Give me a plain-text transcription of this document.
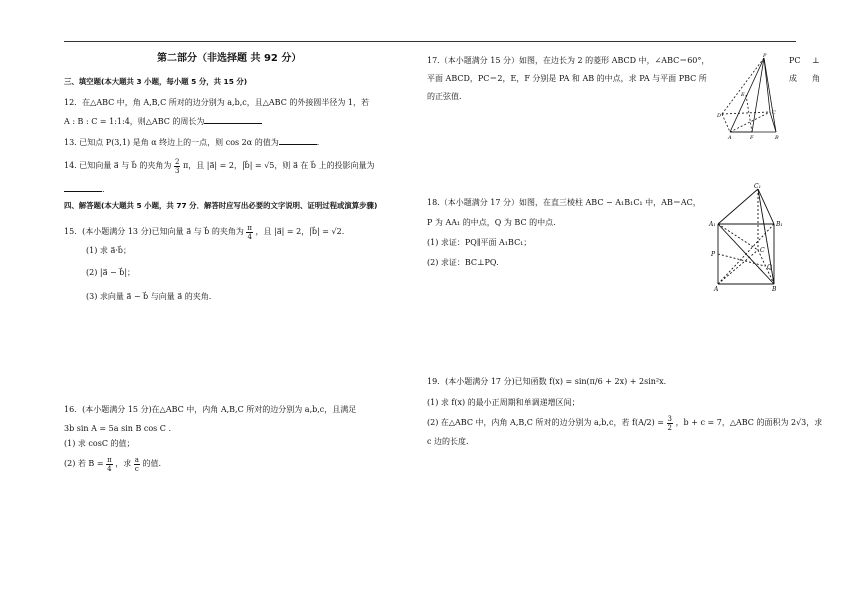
第二部分（非选择题 共 92 分）
三、填空题(本大题共 3 小题，每小题 5 分，共 15 分)
12．在△ABC 中，角 A,B,C 所对的边分别为 a,b,c，且△ABC 的外接圆半径为 1，若
A : B : C = 1:1:4，则△ABC 的周长为
13. 已知点 P(3,1) 是角 α 终边上的一点，则 cos 2α 的值为	.
14. 已知向量 a⃗ 与 b⃗ 的夹角为 $\frac{2}{3}$ π，且 |a⃗| = 2，|b⃗| = √5，则 a⃗ 在 b⃗ 上的投影向量为
.
四、解答题(本大题共 5 小题，共 77 分．解答时应写出必要的文字说明、证明过程或演算步骤)
15．(本小题满分 13 分)已知向量 a⃗ 与 b⃗ 的夹角为 $\frac{\pi}{4}$ ，且 |a⃗| = 2，|b⃗| = √2.
(1) 求 a⃗·b⃗；
(2) |a⃗ − b⃗|；
(3) 求向量 a⃗ − b⃗ 与向量 a⃗ 的夹角.
16．(本小题满分 15 分)在△ABC 中，内角 A,B,C 所对的边分别为 a,b,c，且满足
3b sin A = 5a sin B cos C .
(1) 求 cosC 的值；
(2) 若 $B = \frac{\pi}{4}$ ，求 $\frac{a}{c}$ 的值.
17.（本小题满分 15 分）如图，在边长为 2 的菱形 ABCD 中，∠ABC＝60°，	PC ⊥
平面 ABCD，PC＝2，E，F 分别是 PA 和 AB 的中点，求 PA 与平面 PBC 所	成 角
的正弦值.
P
E
D	C
A	F	B
18.（本小题满分 17 分）如图，在直三棱柱 ABC − A₁B₁C₁ 中，AB＝AC，
P 为 AA₁ 的中点，Q 为 BC 的中点.
(1) 求证：PQ∥平面 A₁BC₁；
(2) 求证：BC⊥PQ.
C₁
A₁	B₁
P
C
Q
A	B
19．(本小题满分 17 分)已知函数 f(x) = sin(π/6 + 2x) + 2sin²x.
(1) 求 f(x) 的最小正周期和单调递增区间；
(2) 在△ABC 中，内角 A,B,C 所对的边分别为 a,b,c，若 $f(A/2) = \frac{3}{2}$ ，b + c = 7，△ABC 的面积为 2√3，求
c 边的长度.
